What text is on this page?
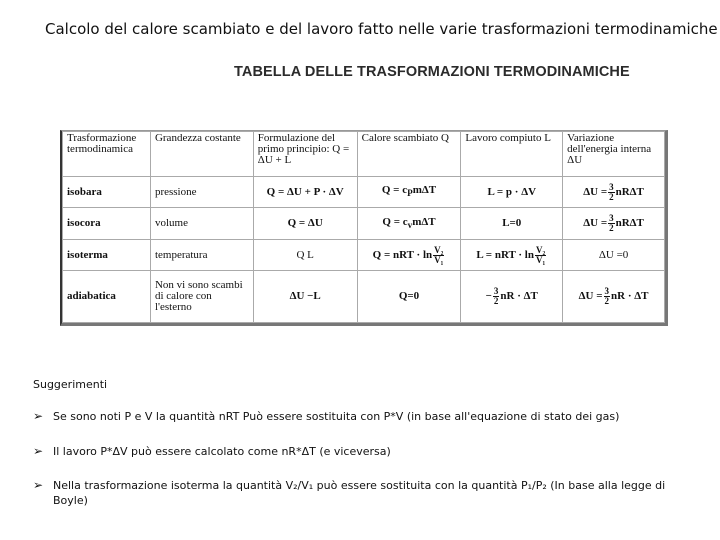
Calcolo del calore scambiato e del lavoro fatto nelle varie trasformazioni termodinamiche
TABELLA DELLE TRASFORMAZIONI TERMODINAMICHE
Trasformazione termodinamica	Grandezza costante	Formulazione del primo principio: Q = ΔU + L	Calore scambiato Q	Lavoro compiuto L	Variazione dell'energia interna ΔU
isobara	pressione	Q = ΔU + P · ΔV	$Q = c_Pm\Delta T$	L = p · ΔV	$\Delta U = \frac{3}{2}$ nRΔT
isocora	volume	Q = ΔU	$Q = c_vm\Delta T$	L=0	$\Delta U = \frac{3}{2}$ nRΔT
isoterma	temperatura	Q L	Q = nRT · $\ln \frac{\text{V₂}}{\text{V₁}}$	L = nRT · $\ln \frac{\text{V₂}}{\text{V₁}}$	ΔU =0
adiabatica	Non vi sono scambi di calore con l'esterno	ΔU −L	Q=0	− $\frac{3}{2}$ nR · ΔT	$\Delta U = \frac{3}{2}$ nR · ΔT
Suggerimenti
➢ Se sono noti P e V la quantità nRT Può essere sostituita con P*V (in base all'equazione di stato dei gas)
➢ Il lavoro P*ΔV può essere calcolato come nR*ΔT (e viceversa)
➢ Nella trasformazione isoterma la quantità V₂/V₁ può essere sostituita con la quantità P₁/P₂ (In base alla legge di Boyle)
